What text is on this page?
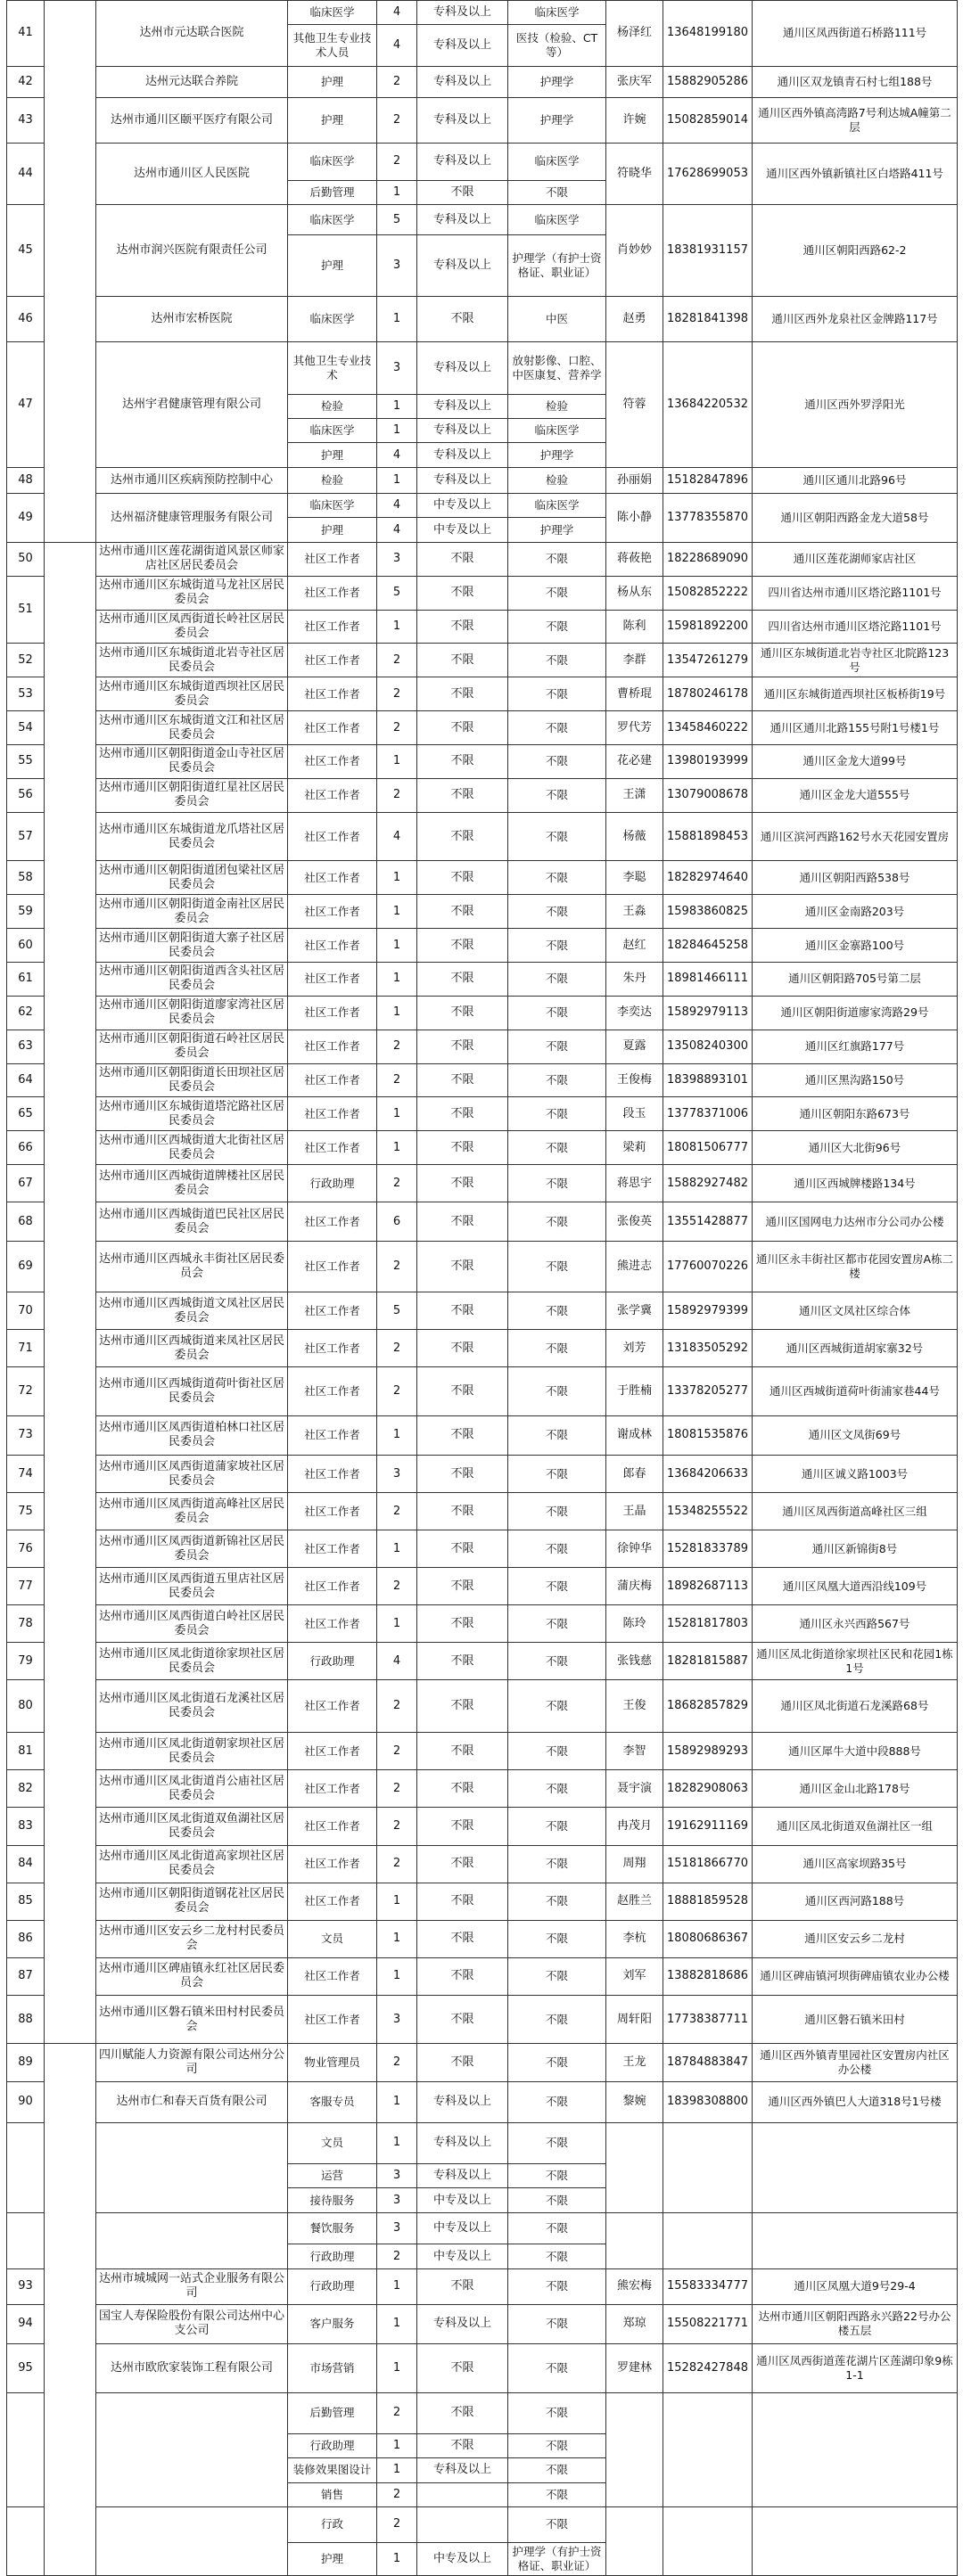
41		达州市元达联合医院	临床医学	4	专科及以上	临床医学	杨泽红	13648199180	通川区凤西街道石桥路111号
			其他卫生专业技术人员	4	专科及以上	医技（检验、CT等）			
42		达州元达联合养院	护理	2	专科及以上	护理学	张庆军	15882905286	通川区双龙镇青石村七组188号
43		达州市通川区颐平医疗有限公司	护理	2	专科及以上	护理学	许婉	15082859014	通川区西外镇高湾路7号利达城A幢第二层
44		达州市通川区人民医院	临床医学	2	专科及以上	临床医学	符晓华	17628699053	通川区西外镇新镇社区白塔路411号
			后勤管理	1	不限	不限			
45		达州市润兴医院有限责任公司	临床医学	5	专科及以上	临床医学	肖妙妙	18381931157	通川区朝阳西路62-2
			护理	3	专科及以上	护理学（有护士资格证、职业证）			
46		达州市宏桥医院	临床医学	1	不限	中医	赵勇	18281841398	通川区西外龙泉社区金牌路117号
47		达州宇君健康管理有限公司	其他卫生专业技术	3	专科及以上	放射影像、口腔、中医康复、营养学	符蓉	13684220532	通川区西外罗浮阳光
			检验	1	专科及以上	检验			
			临床医学	1	专科及以上	临床医学			
			护理	4	专科及以上	护理学			
48		达州市通川区疾病预防控制中心	检验	1	专科及以上	检验	孙丽娟	15182847896	通川区通川北路96号
49		达州福济健康管理服务有限公司	临床医学	4	中专及以上	临床医学	陈小静	13778355870	通川区朝阳西路金龙大道58号
			护理	4	中专及以上	护理学			
50		达州市通川区莲花湖街道风景区师家店社区居民委员会	社区工作者	3	不限	不限	蒋莜艳	18228689090	通川区莲花湖师家店社区
51		达州市通川区东城街道马龙社区居民委员会	社区工作者	5	不限	不限	杨从东	15082852222	四川省达州市通川区塔沱路1101号
		达州市通川区凤西街道长岭社区居民委员会	社区工作者	1	不限	不限	陈利	15981892200	四川省达州市通川区塔沱路1101号
52		达州市通川区东城街道北岩寺社区居民委员会	社区工作者	2	不限	不限	李群	13547261279	通川区东城街道北岩寺社区北院路123号
53		达州市通川区东城街道西坝社区居民委员会	社区工作者	2	不限	不限	曹桥琨	18780246178	通川区东城街道西坝社区板桥街19号
54		达州市通川区东城街道文江和社区居民委员会	社区工作者	2	不限	不限	罗代芳	13458460222	通川区通川北路155号附1号楼1号
55		达州市通川区朝阳街道金山寺社区居民委员会	社区工作者	1	不限	不限	花必建	13980193999	通川区金龙大道99号
56		达州市通川区朝阳街道红星社区居民委员会	社区工作者	2	不限	不限	王潇	13079008678	通川区金龙大道555号
57		达州市通川区东城街道龙爪塔社区居民委员会	社区工作者	4	不限	不限	杨薇	15881898453	通川区滨河西路162号水天花园安置房
58		达州市通川区朝阳街道团包梁社区居民委员会	社区工作者	1	不限	不限	李聪	18282974640	通川区朝阳西路538号
59		达州市通川区朝阳街道金南社区居民委员会	社区工作者	1	不限	不限	王淼	15983860825	通川区金南路203号
60		达州市通川区朝阳街道大寨子社区居民委员会	社区工作者	1	不限	不限	赵红	18284645258	通川区金寨路100号
61		达州市通川区朝阳街道西含头社区居民委员会	社区工作者	1	不限	不限	朱丹	18981466111	通川区朝阳路705号第二层
62		达州市通川区朝阳街道廖家湾社区居民委员会	社区工作者	1	不限	不限	李奕达	15892979113	通川区朝阳街道廖家湾路29号
63		达州市通川区朝阳街道石岭社区居民委员会	社区工作者	2	不限	不限	夏露	13508240300	通川区红旗路177号
64		达州市通川区朝阳街道长田坝社区居民委员会	社区工作者	2	不限	不限	王俊梅	18398893101	通川区黑沟路150号
65		达州市通川区东城街道塔沱路社区居民委员会	社区工作者	1	不限	不限	段玉	13778371006	通川区朝阳东路673号
66		达州市通川区西城街道大北街社区居民委员会	社区工作者	1	不限	不限	梁莉	18081506777	通川区大北街96号
67		达州市通川区西城街道牌楼社区居民委员会	行政助理	2	不限	不限	蒋思宇	15882927482	通川区西城牌楼路134号
68		达州市通川区西城街道巴民社区居民委员会	社区工作者	6	不限	不限	张俊英	13551428877	通川区国网电力达州市分公司办公楼
69		达州市通川区西城永丰街社区居民委员会	社区工作者	2	不限	不限	熊进志	17760070226	通川区永丰街社区都市花园安置房A栋二楼
70		达州市通川区西城街道文凤社区居民委员会	社区工作者	5	不限	不限	张学冀	15892979399	通川区文凤社区综合体
71		达州市通川区西城街道来凤社区居民委员会	社区工作者	2	不限	不限	刘芳	13183505292	通川区西城街道胡家寨32号
72		达州市通川区西城街道荷叶街社区居民委员会	社区工作者	2	不限	不限	于胜楠	13378205277	通川区西城街道荷叶街浦家巷44号
73		达州市通川区凤西街道柏林口社区居民委员会	社区工作者	1	不限	不限	谢成林	18081535876	通川区文凤街69号
74		达州市通川区凤西街道蒲家坡社区居民委员会	社区工作者	3	不限	不限	郎春	13684206633	通川区诚义路1003号
75		达州市通川区凤西街道高峰社区居民委员会	社区工作者	2	不限	不限	王晶	15348255522	通川区凤西街道高峰社区三组
76		达州市通川区凤西街道新锦社区居民委员会	社区工作者	1	不限	不限	徐钟华	15281833789	通川区新锦街8号
77		达州市通川区凤西街道五里店社区居民委员会	社区工作者	2	不限	不限	蒲庆梅	18982687113	通川区凤凰大道西沿线109号
78		达州市通川区凤西街道白岭社区居民委员会	社区工作者	1	不限	不限	陈玲	15281817803	通川区永兴西路567号
79		达州市通川区凤北街道徐家坝社区居民委员会	行政助理	4	不限	不限	张钱慈	18281815887	通川区凤北街道徐家坝社区民和花园1栋1号
80		达州市通川区凤北街道石龙溪社区居民委员会	社区工作者	2	不限	不限	王俊	18682857829	通川区凤北街道石龙溪路68号
81		达州市通川区凤北街道朝家坝社区居民委员会	社区工作者	2	不限	不限	李智	15892989293	通川区犀牛大道中段888号
82		达州市通川区凤北街道肖公庙社区居民委员会	社区工作者	2	不限	不限	聂宇演	18282908063	通川区金山北路178号
83		达州市通川区凤北街道双鱼湖社区居民委员会	社区工作者	2	不限	不限	冉茂月	19162911169	通川区凤北街道双鱼湖社区一组
84		达州市通川区凤北街道高家坝社区居民委员会	社区工作者	2	不限	不限	周翔	15181866770	通川区高家坝路35号
85		达州市通川区朝阳街道钢花社区居民委员会	社区工作者	1	不限	不限	赵胜兰	18881859528	通川区西河路188号
86		达州市通川区安云乡二龙村村民委员会	文员	1	不限	不限	李杭	18080686367	通川区安云乡二龙村
87		达州市通川区碑庙镇永红社区居民委员会	社区工作者	1	不限	不限	刘军	13882818686	通川区碑庙镇河坝街碑庙镇农业办公楼
88		达州市通川区磐石镇米田村村民委员会	社区工作者	3	不限	不限	周轩阳	17738387711	通川区磐石镇米田村
89		四川赋能人力资源有限公司达州分公司	物业管理员	2	不限	不限	王龙	18784883847	通川区西外镇青里园社区安置房内社区办公楼
90		达州市仁和春天百货有限公司	客服专员	1	专科及以上	不限	黎婉	18398308800	通川区西外镇巴人大道318号1号楼
			文员	1	专科及以上	不限			
			运营	3	专科及以上	不限			
			接待服务	3	中专及以上	不限			
			餐饮服务	3	中专及以上	不限			
			行政助理	2	中专及以上	不限			
93		达州市城城网一站式企业服务有限公司	行政助理	1	不限	不限	熊宏梅	15583334777	通川区凤凰大道9号29-4
94		国宝人寿保险股份有限公司达州中心支公司	客户服务	1	专科及以上	不限	郑琼	15508221771	达州市通川区朝阳西路永兴路22号办公楼五层
95		达州市欧欣家装饰工程有限公司	市场营销	1	不限	不限	罗建林	15282427848	通川区凤西街道莲花湖片区莲湖印象9栋1-1
			后勤管理	2	不限	不限			
			行政助理	1	不限	不限			
			装修效果图设计	1	专科及以上	不限			
			销售	2		不限			
			行政	2		不限			
			护理	1	中专及以上	护理学（有护士资格证、职业证）			
